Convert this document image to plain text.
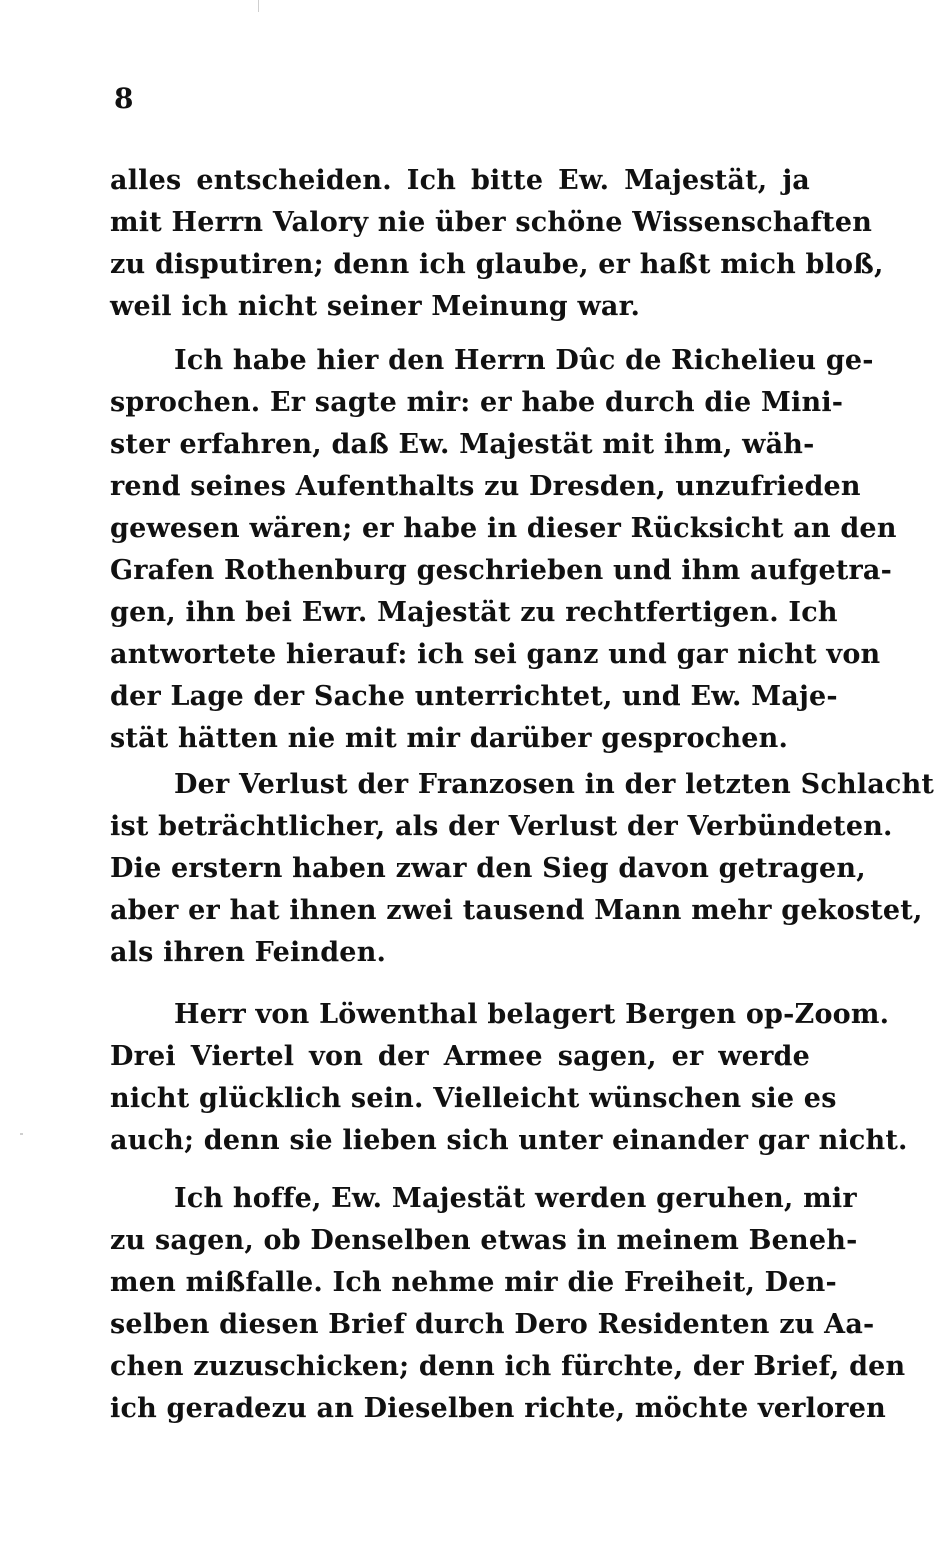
8
alles entscheiden. Ich bitte Ew. Majestät, ja
mit Herrn Valory nie über schöne Wissenschaften
zu disputiren; denn ich glaube, er haßt mich bloß,
weil ich nicht seiner Meinung war.
Ich habe hier den Herrn Dûc de Richelieu ge-
sprochen. Er sagte mir: er habe durch die Mini-
ster erfahren, daß Ew. Majestät mit ihm, wäh-
rend seines Aufenthalts zu Dresden, unzufrieden
gewesen wären; er habe in dieser Rücksicht an den
Grafen Rothenburg geschrieben und ihm aufgetra-
gen, ihn bei Ewr. Majestät zu rechtfertigen. Ich
antwortete hierauf: ich sei ganz und gar nicht von
der Lage der Sache unterrichtet, und Ew. Maje-
stät hätten nie mit mir darüber gesprochen.
Der Verlust der Franzosen in der letzten Schlacht
ist beträchtlicher, als der Verlust der Verbündeten.
Die erstern haben zwar den Sieg davon getragen,
aber er hat ihnen zwei tausend Mann mehr gekostet,
als ihren Feinden.
Herr von Löwenthal belagert Bergen op-Zoom.
Drei Viertel von der Armee sagen, er werde
nicht glücklich sein. Vielleicht wünschen sie es
auch; denn sie lieben sich unter einander gar nicht.
Ich hoffe, Ew. Majestät werden geruhen, mir
zu sagen, ob Denselben etwas in meinem Beneh-
men mißfalle. Ich nehme mir die Freiheit, Den-
selben diesen Brief durch Dero Residenten zu Aa-
chen zuzuschicken; denn ich fürchte, der Brief, den
ich geradezu an Dieselben richte, möchte verloren
